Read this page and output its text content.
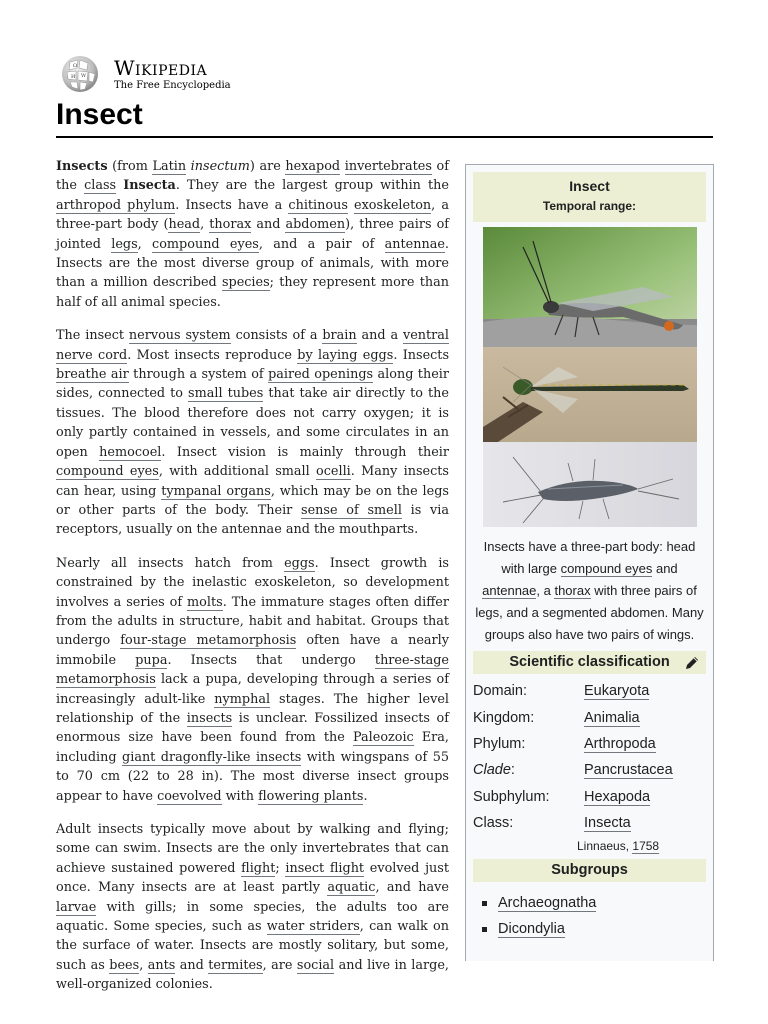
Ω
W
И Wikipedia
The Free Encyclopedia
Insect

Insects (from Latin insectum) are hexapod invertebrates of the class Insecta. They are the largest group within the arthropod phylum. Insects have a chitinous exoskeleton, a three-part body (head, thorax and abdomen), three pairs of jointed legs, compound eyes, and a pair of antennae. Insects are the most diverse group of animals, with more than a million described species; they represent more than half of all animal species.

The insect nervous system consists of a brain and a ventral nerve cord. Most insects reproduce by laying eggs. Insects breathe air through a system of paired openings along their sides, connected to small tubes that take air directly to the tissues. The blood therefore does not carry oxygen; it is only partly contained in vessels, and some circulates in an open hemocoel. Insect vision is mainly through their compound eyes, with additional small ocelli. Many insects can hear, using tympanal organs, which may be on the legs or other parts of the body. Their sense of smell is via receptors, usually on the antennae and the mouthparts.

Nearly all insects hatch from eggs. Insect growth is constrained by the inelastic exoskeleton, so development involves a series of molts. The immature stages often differ from the adults in structure, habit and habitat. Groups that undergo four-stage metamorphosis often have a nearly immobile pupa. Insects that undergo three-stage metamorphosis lack a pupa, developing through a series of increasingly adult-like nymphal stages. The higher level relationship of the insects is unclear. Fossilized insects of enormous size have been found from the Paleozoic Era, including giant dragonfly-like insects with wingspans of 55 to 70 cm (22 to 28 in). The most diverse insect groups appear to have coevolved with flowering plants.

Adult insects typically move about by walking and flying; some can swim. Insects are the only invertebrates that can achieve sustained powered flight; insect flight evolved just once. Many insects are at least partly aquatic, and have larvae with gills; in some species, the adults too are aquatic. Some species, such as water striders, can walk on the surface of water. Insects are mostly solitary, but some, such as bees, ants and termites, are social and live in large, well-organized colonies.

Insect
Temporal range:
Insects have a three-part body: head with large compound eyes and antennae, a thorax with three pairs of legs, and a segmented abdomen. Many groups also have two pairs of wings.
Scientific classification
Domain:	Eukaryota
Kingdom:	Animalia
Phylum:	Arthropoda
Clade:	Pancrustacea
Subphylum:	Hexapoda
Class:	Insecta
Linnaeus, 1758
Subgroups
Archaeognatha
Dicondylia
